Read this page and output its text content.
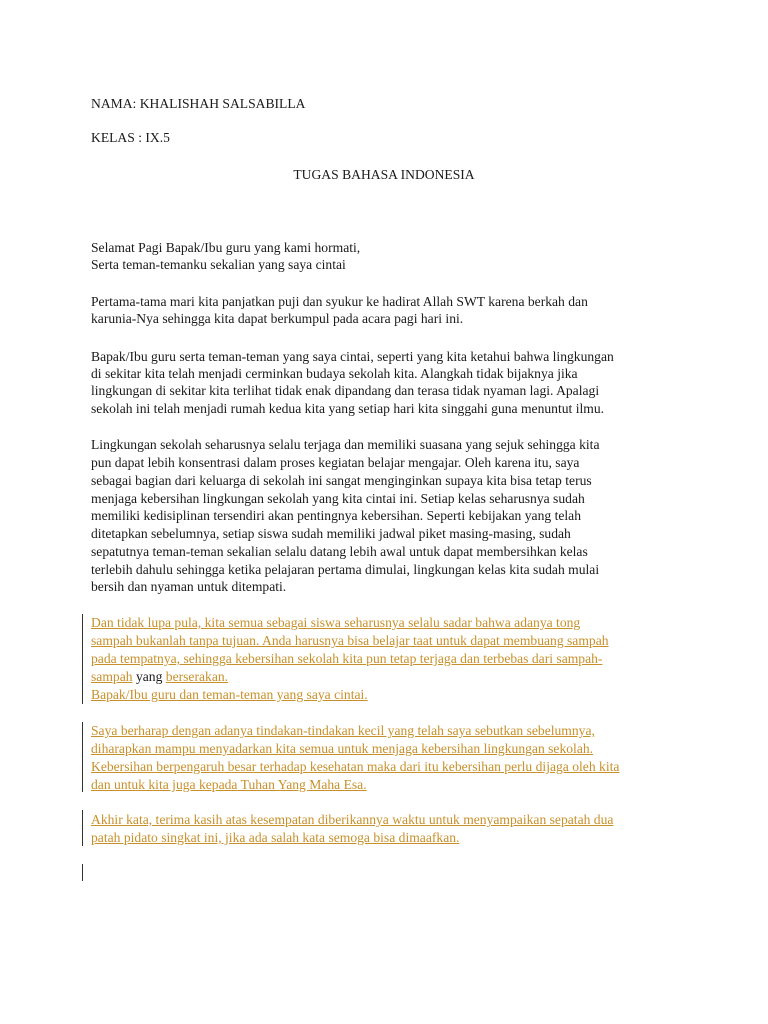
NAMA: KHALISHAH SALSABILLA
KELAS : IX.5
TUGAS BAHASA INDONESIA
Selamat Pagi Bapak/Ibu guru yang kami hormati,
Serta teman-temanku sekalian yang saya cintai
Pertama-tama mari kita panjatkan puji dan syukur ke hadirat Allah SWT karena berkah dan
karunia-Nya sehingga kita dapat berkumpul pada acara pagi hari ini.
Bapak/Ibu guru serta teman-teman yang saya cintai, seperti yang kita ketahui bahwa lingkungan
di sekitar kita telah menjadi cerminkan budaya sekolah kita. Alangkah tidak bijaknya jika
lingkungan di sekitar kita terlihat tidak enak dipandang dan terasa tidak nyaman lagi. Apalagi
sekolah ini telah menjadi rumah kedua kita yang setiap hari kita singgahi guna menuntut ilmu.
Lingkungan sekolah seharusnya selalu terjaga dan memiliki suasana yang sejuk sehingga kita
pun dapat lebih konsentrasi dalam proses kegiatan belajar mengajar. Oleh karena itu, saya
sebagai bagian dari keluarga di sekolah ini sangat menginginkan supaya kita bisa tetap terus
menjaga kebersihan lingkungan sekolah yang kita cintai ini. Setiap kelas seharusnya sudah
memiliki kedisiplinan tersendiri akan pentingnya kebersihan. Seperti kebijakan yang telah
ditetapkan sebelumnya, setiap siswa sudah memiliki jadwal piket masing-masing, sudah
sepatutnya teman-teman sekalian selalu datang lebih awal untuk dapat membersihkan kelas
terlebih dahulu sehingga ketika pelajaran pertama dimulai, lingkungan kelas kita sudah mulai
bersih dan nyaman untuk ditempati.
Dan tidak lupa pula, kita semua sebagai siswa seharusnya selalu sadar bahwa adanya tong
sampah bukanlah tanpa tujuan. Anda harusnya bisa belajar taat untuk dapat membuang sampah
pada tempatnya, sehingga kebersihan sekolah kita pun tetap terjaga dan terbebas dari sampah-
sampah yang berserakan.
Bapak/Ibu guru dan teman-teman yang saya cintai.
Saya berharap dengan adanya tindakan-tindakan kecil yang telah saya sebutkan sebelumnya,
diharapkan mampu menyadarkan kita semua untuk menjaga kebersihan lingkungan sekolah.
Kebersihan berpengaruh besar terhadap kesehatan maka dari itu kebersihan perlu dijaga oleh kita
dan untuk kita juga kepada Tuhan Yang Maha Esa.
Akhir kata, terima kasih atas kesempatan diberikannya waktu untuk menyampaikan sepatah dua
patah pidato singkat ini, jika ada salah kata semoga bisa dimaafkan.
